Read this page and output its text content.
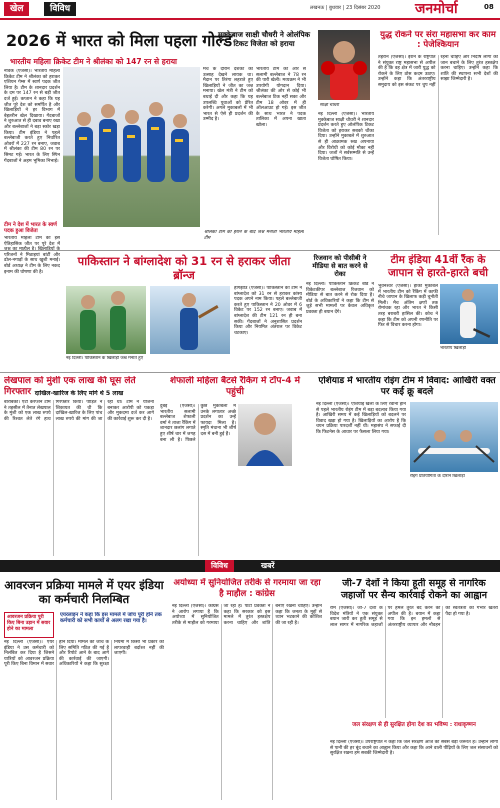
खेल	विविध	लखनऊ | बुधवार | 23 दिसंबर 2020 जनमोर्चा	08
2026 में भारत को मिला पहला गोल्ड
भारतीय महिला क्रिकेट टीम ने श्रीलंका को 147 रन से हराया
नेविक (एजेंसी)। भारतीय महिला क्रिकेट टीम ने श्रीलंका को हराकर एशियन गेम्स में स्वर्ण पदक जीत लिया है। टीम के शानदार प्रदर्शन के दम पर 147 रन से बड़ी जीत दर्ज हुई। कप्तान ने कहा कि यह जीत पूरे देश को समर्पित है और खिलाड़ियों ने हर विभाग में बेहतरीन खेल दिखाया। गेंदबाजों ने शुरुआत से ही दबाव बनाए रखा और बल्लेबाजों ने बड़ा स्कोर खड़ा किया। टीम इंडिया ने पहले बल्लेबाजी करते हुए निर्धारित ओवरों में 227 रन बनाए, जवाब में श्रीलंका की टीम 80 रन पर सिमट गई। भारत के लिए स्पिन गेंदबाजों ने अहम भूमिका निभाई।
मैच के दौरान दर्शकों का उत्साह देखने लायक था। मैदान पर तिरंगा लहराते हुए खिलाड़ियों ने जीत का जश्न मनाया। खेल मंत्री ने टीम को बधाई दी और कहा कि यह उपलब्धि युवाओं को प्रेरित करेगी। अगले मुकाबलों में भी भारत से ऐसे ही प्रदर्शन की उम्मीद है।
भारतीय टीम की ओर से सलामी बल्लेबाज ने 78 रन की पारी खेली। मध्यक्रम ने भी उपयोगी योगदान दिया। श्रीलंका की ओर से कोई भी बल्लेबाज टिक नहीं सका और टीम 18 ओवर में ही ऑलआउट हो गई। इस जीत के साथ भारत ने पदक तालिका में अपना खाता खोला।
श्रीलंका टीम को हराने के बाद जश्न मनाती भारतीय महिला टीम
टीम ने देश में भारत के स्वर्ण पदक हुआ विजेता
भारतीय महिला टीम की इस ऐतिहासिक जीत पर पूरे देश में परिजनों ने मिठाइयां बांटीं और ढोल-नगाड़ों के साथ खुशी मनाई। बोर्ड अध्यक्ष ने टीम के लिए नकद इनाम की घोषणा की है।
मुक्केबाज साक्षी चौधरी ने ओलंपिक टिकट विजेता को हराया
साक्षी चौधरी
युद्ध रोकने पर संरा महासभा कर काम : पेजेश्कियान
तेहरान (एजेंसी)। ईरान के राष्ट्रपति ने संयुक्त राष्ट्र महासभा से अपील की है कि वह क्षेत्र में जारी युद्ध को रोकने के लिए ठोस कदम उठाए। उन्होंने कहा कि अंतरराष्ट्रीय समुदाय को इस संकट पर चुप नहीं रहना चाहिए और निर्दोष लोगों की जान बचाने के लिए तुरंत हस्तक्षेप करना चाहिए। उन्होंने कहा कि शांति की स्थापना सभी देशों की साझा जिम्मेदारी है।
नई दिल्ली (एजेंसी)। भारतीय मुक्केबाज साक्षी चौधरी ने शानदार प्रदर्शन करते हुए ओलंपिक टिकट विजेता को हराकर सबको चौंका दिया। उन्होंने मुकाबले में शुरुआत से ही आक्रामक रुख अपनाया और विरोधी को कोई मौका नहीं दिया। जजों ने सर्वसम्मति से उन्हें विजेता घोषित किया।
पाकिस्तान ने बांग्लादेश को 31 रन से हराकर जीता ब्रॉन्ज
नई दिल्ली। पाकिस्तान के खिलाड़ी जश्न मनाते हुए
हांगझोउ (एजेंसी)। पाकिस्तान की टीम ने बांग्लादेश को 31 रन से हराकर कांस्य पदक अपने नाम किया। पहले बल्लेबाजी करते हुए पाकिस्तान ने 20 ओवर में 6 विकेट पर 152 रन बनाए। जवाब में बांग्लादेश की टीम 121 रन ही बना सकी। गेंदबाजों ने अनुशासित प्रदर्शन किया और नियमित अंतराल पर विकेट चटकाए।
रिजवान को पीसीबी ने मीडिया से बात करने से रोका
नई दिल्ली। पाकिस्तान क्रिकेट बोर्ड ने विकेटकीपर बल्लेबाज रिजवान को मीडिया से बात करने से रोक दिया है। बोर्ड के अधिकारियों ने कहा कि टीम से जुड़े सभी मामलों पर केवल अधिकृत प्रवक्ता ही बयान देंगे।
टीम इंडिया 41वीं रैंक के जापान से हारते-हारते बची
भुवनेश्वर (एजेंसी)। हॉकी मुकाबले में भारतीय टीम को रैंकिंग में काफी नीचे जापान के खिलाफ कड़ी चुनौती मिली। मैच अंतिम क्षणों तक रोमांचक रहा और भारत ने किसी तरह बराबरी हासिल की। कोच ने कहा कि टीम को अपनी रणनीति पर फिर से विचार करना होगा।
भारतीय खिलाड़ी
लेखपाल को मुंशी एक लाख की घूस लेते गिरफ्तार दाखिल-खारिज के लिए मांगे थे 5 लाख
बाराबंकी। एंटी करप्शन टीम ने तहसील में तैनात लेखपाल के मुंशी को एक लाख रुपये की रिश्वत लेते रंगे हाथ गिरफ्तार किया। पीड़ित ने शिकायत की थी कि दाखिल-खारिज के लिए पांच लाख रुपये की मांग की जा रही थी। टीम ने योजना बनाकर आरोपी को पकड़ा और मुकदमा दर्ज कर आगे की कार्रवाई शुरू कर दी है।
शेफाली महिला बैटर्स रैंकिंग में टॉप-4 में पहुंची
दुबई (एजेंसी)। भारतीय सलामी बल्लेबाज शेफाली वर्मा ने ताजा रैंकिंग में शानदार छलांग लगाते हुए शीर्ष चार में जगह बना ली है। पिछले कुछ मुकाबलों में उनके लगातार अच्छे प्रदर्शन का उन्हें फायदा मिला है। स्मृति मंधाना भी शीर्ष दस में बनी हुई हैं।
एशियाड में भारतीय रोइंग टीम में विवाद: आखिरी वक्त पर कर्ई क्रू बदले
नई दिल्ली (एजेंसी)। एशियाई खेलों के लिए रवाना होने से पहले भारतीय रोइंग टीम में बड़ा बदलाव किया गया है। आखिरी समय में कई खिलाड़ियों को बदलने पर विवाद खड़ा हो गया है। खिलाड़ियों का आरोप है कि चयन प्रक्रिया पारदर्शी नहीं थी। महासंघ ने सफाई दी कि फिटनेस के आधार पर फैसला लिया गया।
रोइंग प्रतियोगिता के दौरान खिलाड़ी
विविध	खबरें
आवरजन प्रक्रिया मामले में एयर इंडिया का कर्मचारी निलम्बित
आवरजन प्रक्रिया पूरी किए बिना उड़ान में सवार होने का मामला
नई दिल्ली (एजेंसी)। एयर इंडिया ने उस कर्मचारी को निलंबित कर दिया है जिसने यात्रियों को आवरजन प्रक्रिया पूरी किए बिना विमान में सवार होने दिया। मामले की जांच के लिए समिति गठित की गई है और रिपोर्ट आने के बाद आगे की कार्रवाई की जाएगी। अधिकारियों ने कहा कि सुरक्षा नियमों में किसी भी प्रकार की लापरवाही बर्दाश्त नहीं की जाएगी।
एयरलाइन ने कहा कि इस मामले में जांच पूरी होने तक कर्मचारी को सभी कार्यों से अलग रखा गया है।
अयोध्या में सुनियोजित तरीके से गरमाया जा रहा है माहौल : कांग्रेस
नई दिल्ली (एजेंसी)। कांग्रेस ने आरोप लगाया है कि अयोध्या में सुनियोजित तरीके से माहौल को गरमाया जा रहा है। पार्टी प्रवक्ता ने कहा कि सरकार को इस मामले में तुरंत हस्तक्षेप करना चाहिए और शांति बनाए रखनी चाहिए। उन्होंने कहा कि जनता के मुद्दों से ध्यान भटकाने की कोशिश की जा रही है।
जी-7 देशों ने किया हूती समूह से नागरिक जहाजों पर सैन्य कार्रवाई रोकने का आह्वान
रोम (एजेंसी)। जी-7 देशों के विदेश मंत्रियों ने एक संयुक्त बयान जारी कर हूती समूह से लाल सागर में नागरिक जहाजों पर हमले तुरंत बंद करने की अपील की है। बयान में कहा गया कि इन हमलों से अंतरराष्ट्रीय व्यापार और नौवहन की स्वतंत्रता को गंभीर खतरा पैदा हो गया है।
जल संरक्षण से ही सुरक्षित होगा देश का भविष्य : राधाकृष्णन
नई दिल्ली (एजेंसी)। उपराष्ट्रपति ने कहा कि जल संरक्षण आज की सबसे बड़ी जरूरत है। उन्होंने लोगों से पानी की हर बूंद बचाने का आह्वान किया और कहा कि आने वाली पीढ़ियों के लिए जल संसाधनों को सुरक्षित रखना हम सबकी जिम्मेदारी है।
